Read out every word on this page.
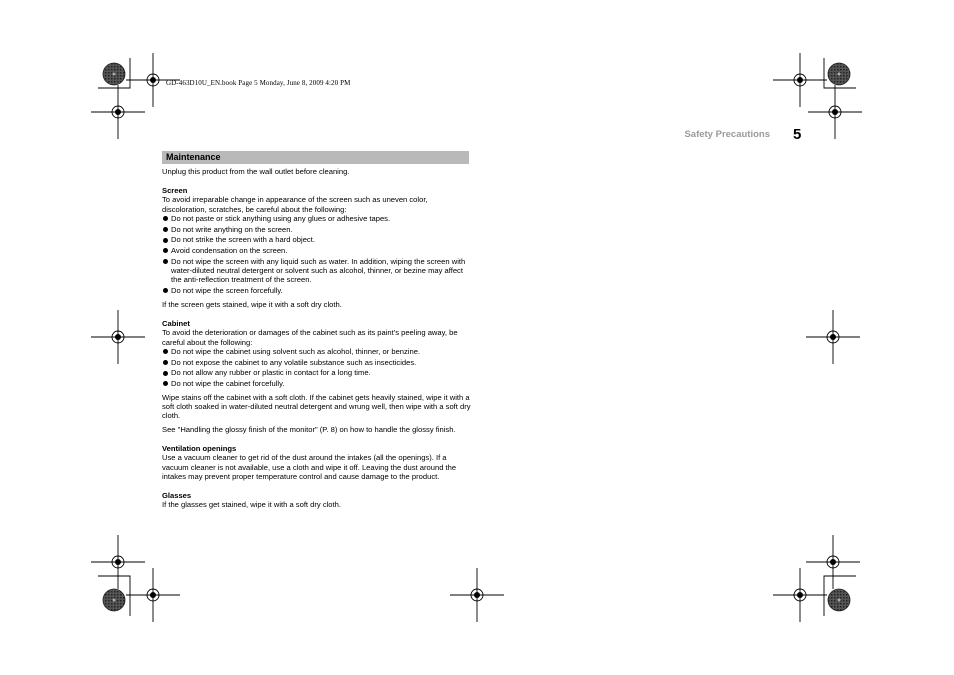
GD-463D10U_EN.book Page 5 Monday, June 8, 2009 4:20 PM
Safety Precautions 5
Maintenance

Unplug this product from the wall outlet before cleaning.

Screen

To avoid irreparable change in appearance of the screen such as uneven color, discoloration, scratches, be careful about the following:

Do not paste or stick anything using any glues or adhesive tapes.
Do not write anything on the screen.
Do not strike the screen with a hard object.
Avoid condensation on the screen.
Do not wipe the screen with any liquid such as water. In addition, wiping the screen with water-diluted neutral detergent or solvent such as alcohol, thinner, or bezine may affect the anti-reflection treatment of the screen.
Do not wipe the screen forcefully.

If the screen gets stained, wipe it with a soft dry cloth.

Cabinet

To avoid the deterioration or damages of the cabinet such as its paint's peeling away, be careful about the following:

Do not wipe the cabinet using solvent such as alcohol, thinner, or benzine.
Do not expose the cabinet to any volatile substance such as insecticides.
Do not allow any rubber or plastic in contact for a long time.
Do not wipe the cabinet forcefully.

Wipe stains off the cabinet with a soft cloth. If the cabinet gets heavily stained, wipe it with a soft cloth soaked in water-diluted neutral detergent and wrung well, then wipe with a soft dry cloth.

See "Handling the glossy finish of the monitor" (P. 8) on how to handle the glossy finish.

Ventilation openings

Use a vacuum cleaner to get rid of the dust around the intakes (all the openings). If a vacuum cleaner is not available, use a cloth and wipe it off. Leaving the dust around the intakes may prevent proper temperature control and cause damage to the product.

Glasses

If the glasses get stained, wipe it with a soft dry cloth.
